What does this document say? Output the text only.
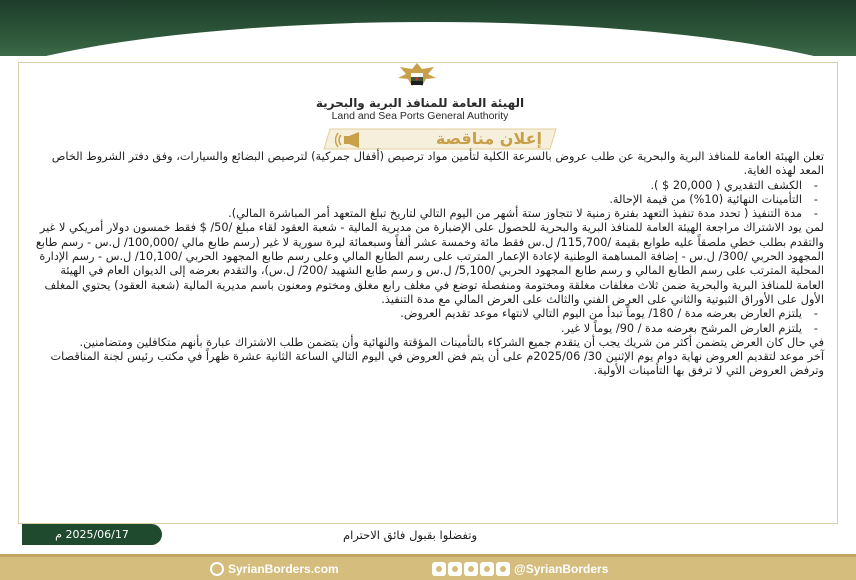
الهيئة العامة للمنافذ البرية والبحرية
Land and Sea Ports General Authority
إعلان مناقصة

تعلن الهيئة العامة للمنافذ البرية والبحرية عن طلب عروض بالسرعة الكلية لتأمين مواد ترصيص (أقفال جمركية) لترصيص البضائع والسيارات، وفق دفتر الشروط الخاص المعد لهذه الغاية.

- الكشف التقديري ( 20,000 $ ).

- التأمينات النهائية (10%) من قيمة الإحالة.

- مدة التنفيذ ( تحدد مدة تنفيذ التعهد بفترة زمنية لا تتجاوز ستة أشهر من اليوم التالي لتاريخ تبلغ المتعهد أمر المباشرة المالي).

لمن يود الاشتراك مراجعة الهيئة العامة للمنافذ البرية والبحرية للحصول على الإضبارة من مديرية المالية - شعبة العقود لقاء مبلغ /50/ $ فقط خمسون دولار أمريكي لا غير والتقدم بطلب خطي ملصقاً عليه طوابع بقيمة /115,700/ ل.س فقط مائة وخمسة عشر ألفاً وسبعمائة ليرة سورية لا غير (رسم طابع مالي /100,000/ ل.س - رسم طابع المجهود الحربي /300/ ل.س - إضافة المساهمة الوطنية لإعادة الإعمار المترتب على رسم الطابع المالي وعلى رسم طابع المجهود الحربي /10,100/ ل.س - رسم الإدارة المحلية المترتب على رسم الطابع المالي و رسم طابع المجهود الحربي /5,100/ ل.س و رسم طابع الشهيد /200/ ل.س)، والتقدم بعرضه إلى الديوان العام في الهيئة العامة للمنافذ البرية والبحرية ضمن ثلاث مغلفات مغلقة ومختومة ومنفصلة توضع في مغلف رابع مغلق ومختوم ومعنون باسم مديرية المالية (شعبة العقود) يحتوي المغلف الأول على الأوراق الثبوتية والثاني على العرض الفني والثالث على العرض المالي مع مدة التنفيذ.

- يلتزم العارض بعرضه مدة / 180/ يوماً تبدأ من اليوم التالي لانتهاء موعد تقديم العروض.

- يلتزم العارض المرشح بعرضه مدة / 90/ يوماً لا غير.

في حال كان العرض يتضمن أكثر من شريك يجب أن يتقدم جميع الشركاء بالتأمينات المؤقتة والنهائية وأن يتضمن طلب الاشتراك عبارة بأنهم متكافلين ومتضامنين.

آخر موعد لتقديم العروض نهاية دوام يوم الإثنين 30/ 2025/06م على أن يتم فض العروض في اليوم التالي الساعة الثانية عشرة ظهراً في مكتب رئيس لجنة المناقصات وترفض العروض التي لا ترفق بها التأمينات الأولية.

وتفضلوا بقبول فائق الاحترام
2025/06/17 م
SyrianBorders.com	@SyrianBorders
